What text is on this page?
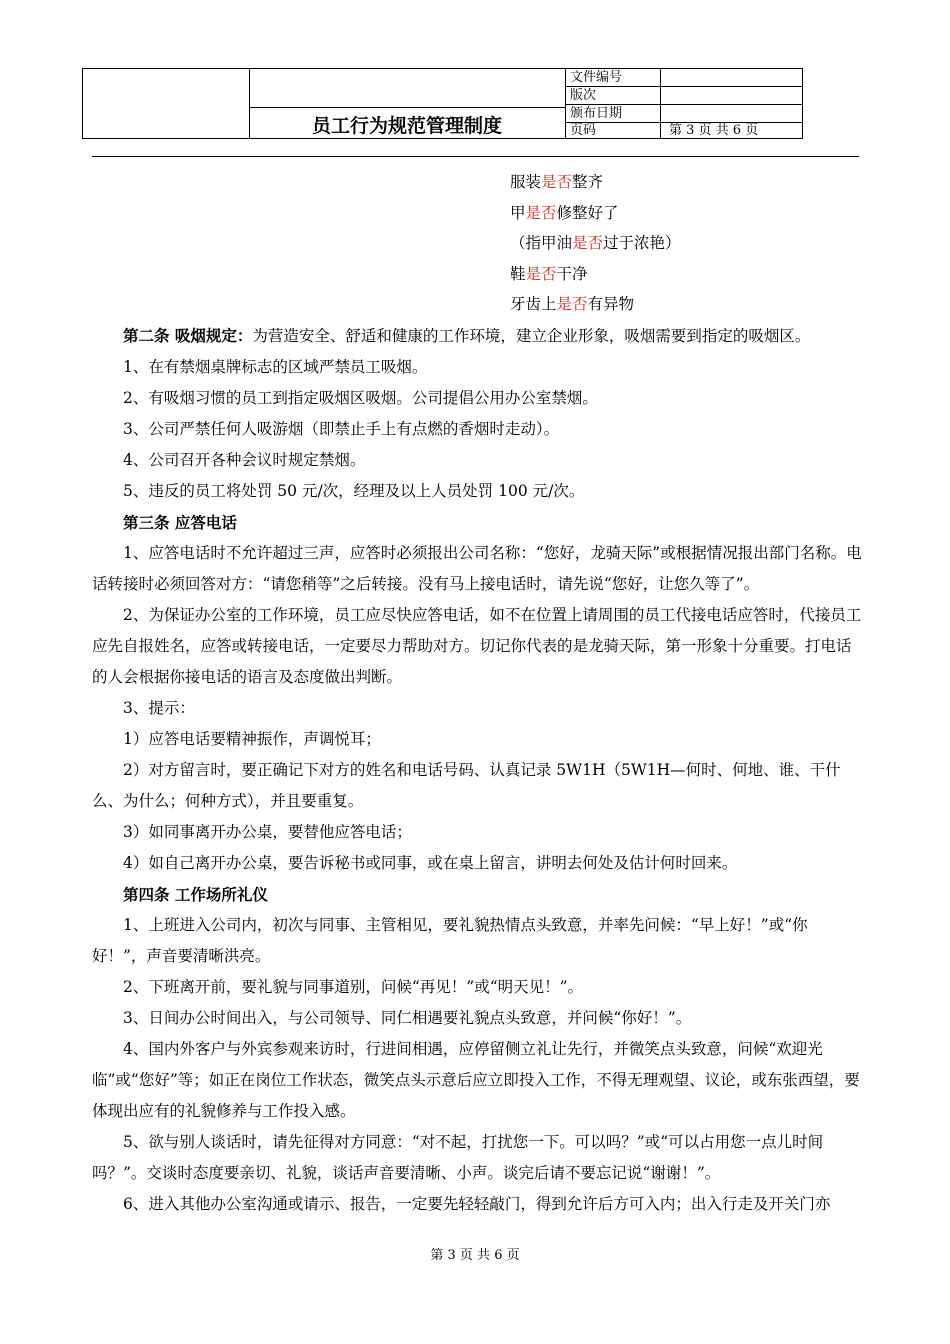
员工行为规范管理制度
文件编号
版次
颁布日期
页码	第 3 页 共 6 页
服装是否整齐
甲是否修整好了
（指甲油是否过于浓艳）
鞋是否干净
牙齿上是否有异物

第二条 吸烟规定：为营造安全、舒适和健康的工作环境，建立企业形象，吸烟需要到指定的吸烟区。

1、在有禁烟桌牌标志的区域严禁员工吸烟。

2、有吸烟习惯的员工到指定吸烟区吸烟。公司提倡公用办公室禁烟。

3、公司严禁任何人吸游烟（即禁止手上有点燃的香烟时走动）。

4、公司召开各种会议时规定禁烟。

5、违反的员工将处罚 50 元/次，经理及以上人员处罚 100 元/次。

第三条 应答电话

1、应答电话时不允许超过三声，应答时必须报出公司名称：“您好，龙骑天际”或根据情况报出部门名称。电话转接时必须回答对方：“请您稍等”之后转接。没有马上接电话时，请先说“您好，让您久等了”。

2、为保证办公室的工作环境，员工应尽快应答电话，如不在位置上请周围的员工代接电话应答时，代接员工应先自报姓名，应答或转接电话，一定要尽力帮助对方。切记你代表的是龙骑天际，第一形象十分重要。打电话的人会根据你接电话的语言及态度做出判断。

3、提示：

1）应答电话要精神振作，声调悦耳；

2）对方留言时，要正确记下对方的姓名和电话号码、认真记录 5W1H（5W1H—何时、何地、谁、干什么、为什么；何种方式），并且要重复。

3）如同事离开办公桌，要替他应答电话；

4）如自己离开办公桌，要告诉秘书或同事，或在桌上留言，讲明去何处及估计何时回来。

第四条 工作场所礼仪

1、上班进入公司内，初次与同事、主管相见，要礼貌热情点头致意，并率先问候：“早上好！”或“你好！”，声音要清晰洪亮。

2、下班离开前，要礼貌与同事道别，问候“再见！”或“明天见！”。

3、日间办公时间出入，与公司领导、同仁相遇要礼貌点头致意，并问候“你好！”。

4、国内外客户与外宾参观来访时，行进间相遇，应停留侧立礼让先行，并微笑点头致意，问候“欢迎光临”或“您好”等；如正在岗位工作状态，微笑点头示意后应立即投入工作，不得无理观望、议论，或东张西望，要体现出应有的礼貌修养与工作投入感。

5、欲与别人谈话时，请先征得对方同意：“对不起，打扰您一下。可以吗？”或“可以占用您一点儿时间吗？”。交谈时态度要亲切、礼貌，谈话声音要清晰、小声。谈完后请不要忘记说“谢谢！”。

6、进入其他办公室沟通或请示、报告，一定要先轻轻敲门，得到允许后方可入内；出入行走及开关门亦

第 3 页 共 6 页
